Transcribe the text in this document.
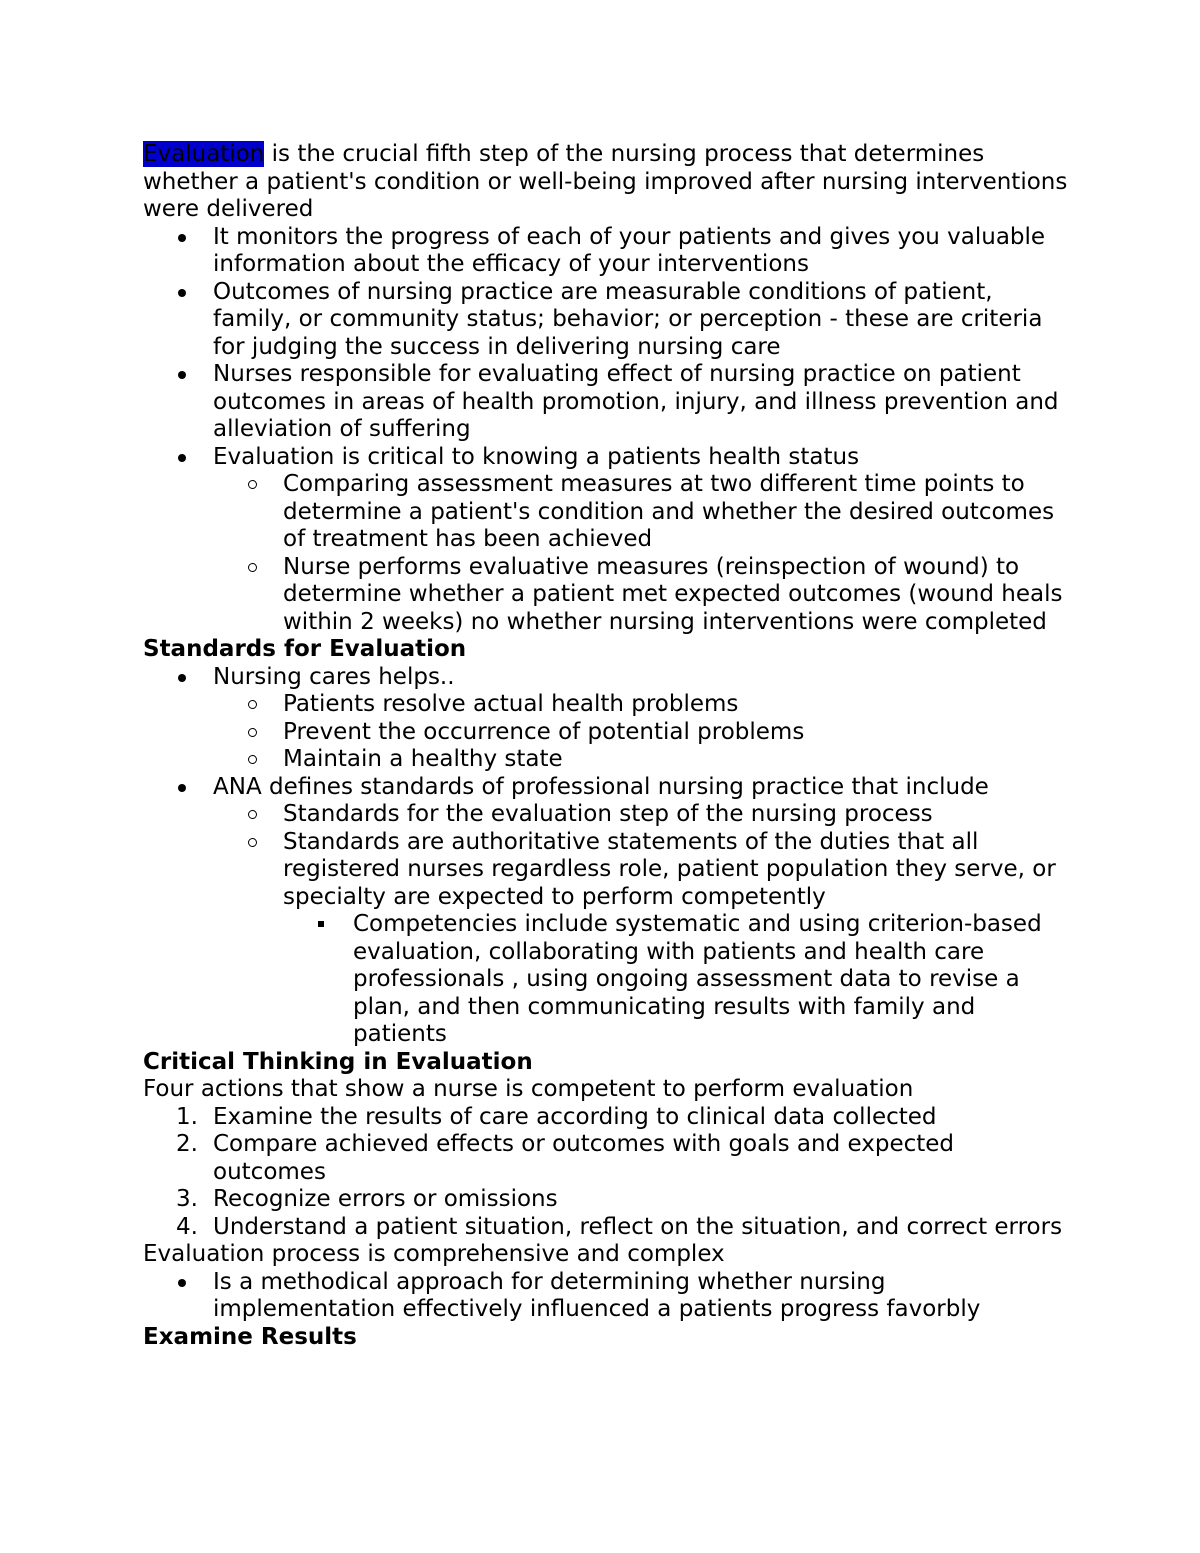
Evaluation is the crucial fifth step of the nursing process that determines whether a patient's condition or well-being improved after nursing interventions were delivered

It monitors the progress of each of your patients and gives you valuable information about the efficacy of your interventions
Outcomes of nursing practice are measurable conditions of patient, family, or community status; behavior; or perception - these are criteria for judging the success in delivering nursing care
Nurses responsible for evaluating effect of nursing practice on patient outcomes in areas of health promotion, injury, and illness prevention and alleviation of suffering
Evaluation is critical to knowing a patients health status
Comparing assessment measures at two different time points to determine a patient's condition and whether the desired outcomes of treatment has been achieved
Nurse performs evaluative measures (reinspection of wound) to determine whether a patient met expected outcomes (wound heals within 2 weeks) no whether nursing interventions were completed
Standards for Evaluation
Nursing cares helps..
Patients resolve actual health problems
Prevent the occurrence of potential problems
Maintain a healthy state
ANA defines standards of professional nursing practice that include
Standards for the evaluation step of the nursing process
Standards are authoritative statements of the duties that all registered nurses regardless role, patient population they serve, or specialty are expected to perform competently
Competencies include systematic and using criterion-based evaluation, collaborating with patients and health care professionals , using ongoing assessment data to revise a plan, and then communicating results with family and patients
Critical Thinking in Evaluation

Four actions that show a nurse is competent to perform evaluation

1. Examine the results of care according to clinical data collected
2. Compare achieved effects or outcomes with goals and expected outcomes
3. Recognize errors or omissions
4. Understand a patient situation, reflect on the situation, and correct errors

Evaluation process is comprehensive and complex

Is a methodical approach for determining whether nursing implementation effectively influenced a patients progress favorbly
Examine Results
